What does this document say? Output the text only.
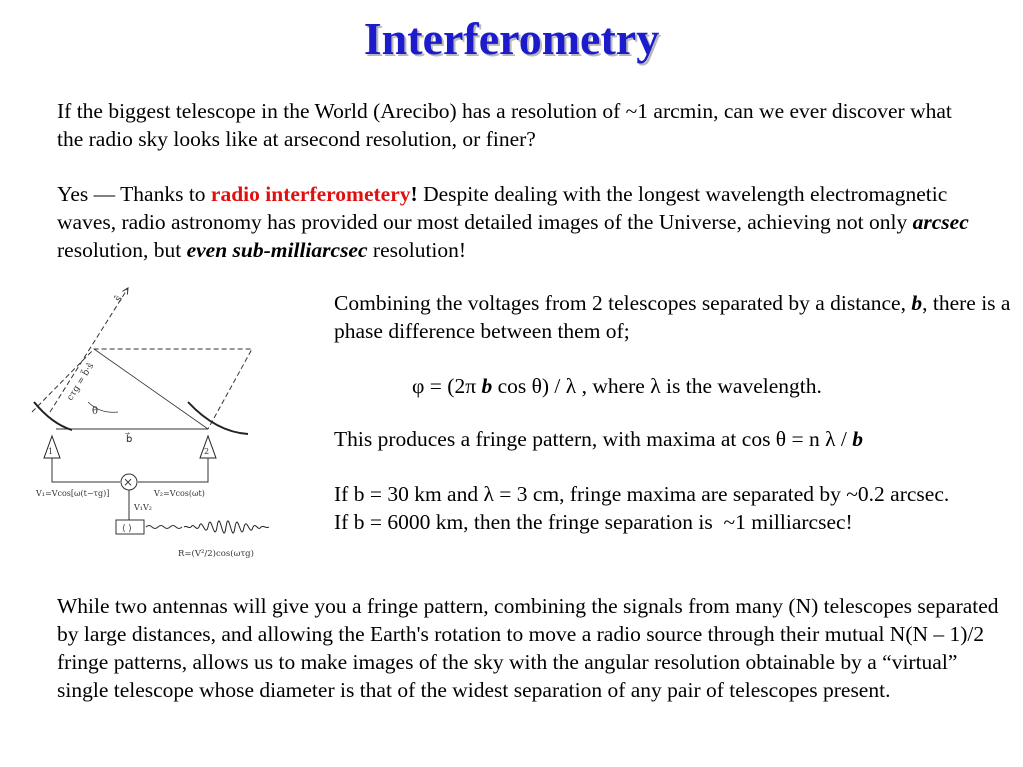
Interferometry

If the biggest telescope in the World (Arecibo) has a resolution of ~1 arcmin, can we ever discover what the radio sky looks like at arsecond resolution, or finer?

Yes — Thanks to radio interferometery! Despite dealing with the longest wavelength electromagnetic waves, radio astronomy has provided our most detailed images of the Universe, achieving not only arcsec resolution, but even sub-milliarcsec resolution!

ŝ
cτg = b⃗·ŝ
θ
b⃗
1	2
×
V₁=Vcos[ω(t−τg)]	V₂=Vcos(ωt)
V₁V₂
⟨ ⟩
R=(V²/2)cos(ωτg)

Combining the voltages from 2 telescopes separated by a distance, b, there is a phase difference between them of;

φ = (2π b cos θ) / λ , where λ is the wavelength.

This produces a fringe pattern, with maxima at cos θ = n λ / b

If b = 30 km and λ = 3 cm, fringe maxima are separated by ~0.2 arcsec. If b = 6000 km, then the fringe separation is  ~1 milliarcsec!

While two antennas will give you a fringe pattern, combining the signals from many (N) telescopes separated by large distances, and allowing the Earth's rotation to move a radio source through their mutual N(N – 1)/2 fringe patterns, allows us to make images of the sky with the angular resolution obtainable by a “virtual” single telescope whose diameter is that of the widest separation of any pair of telescopes present.
